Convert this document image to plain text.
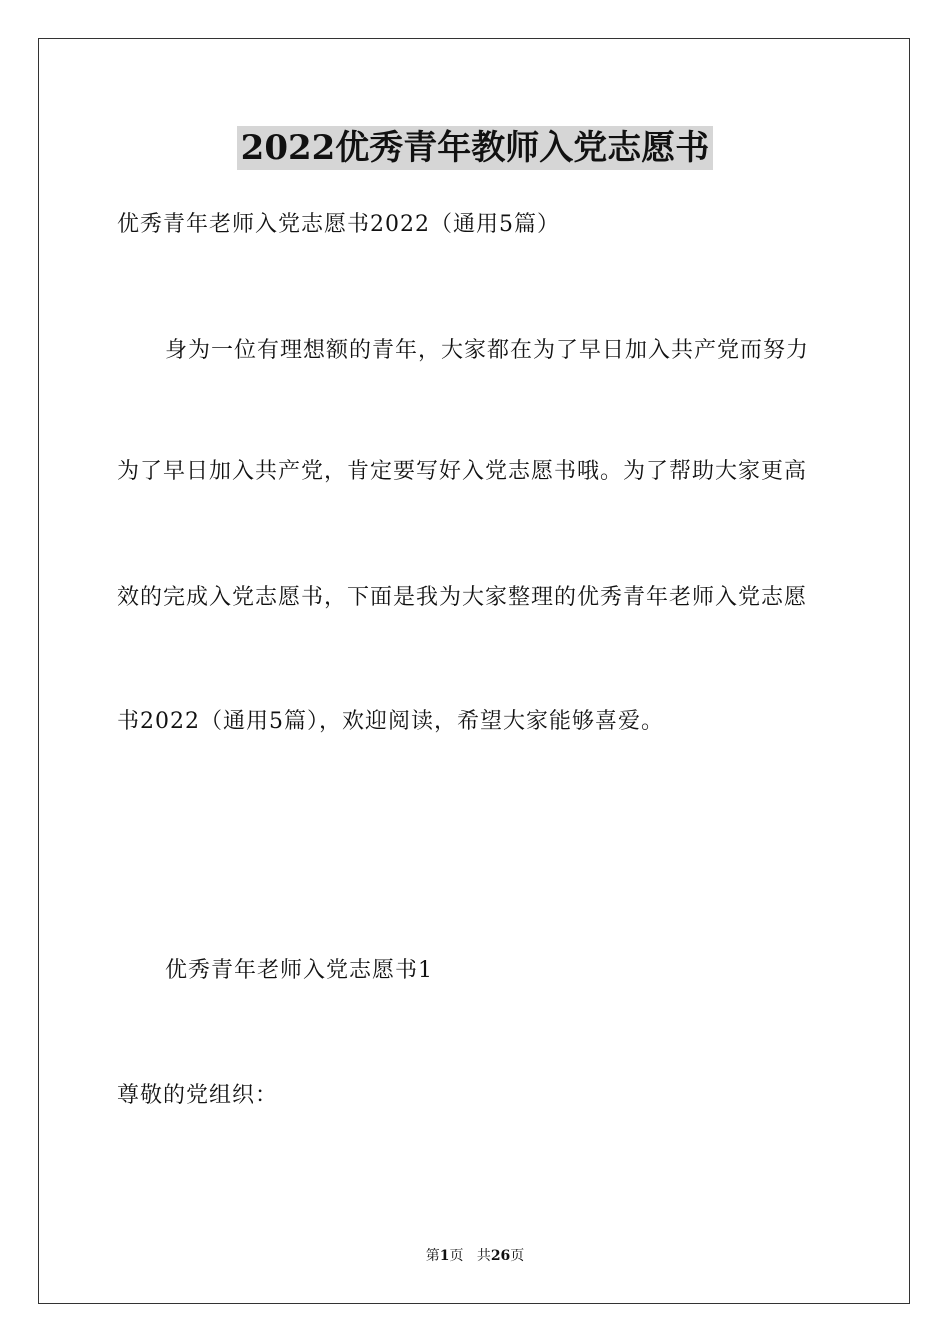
2022优秀青年教师入党志愿书
优秀青年老师入党志愿书2022（通用5篇）
身为一位有理想额的青年，大家都在为了早日加入共产党而努力
为了早日加入共产党，肯定要写好入党志愿书哦。为了帮助大家更高
效的完成入党志愿书，下面是我为大家整理的优秀青年老师入党志愿
书2022（通用5篇），欢迎阅读，希望大家能够喜爱。
优秀青年老师入党志愿书1
尊敬的党组织：
第1页 共26页
